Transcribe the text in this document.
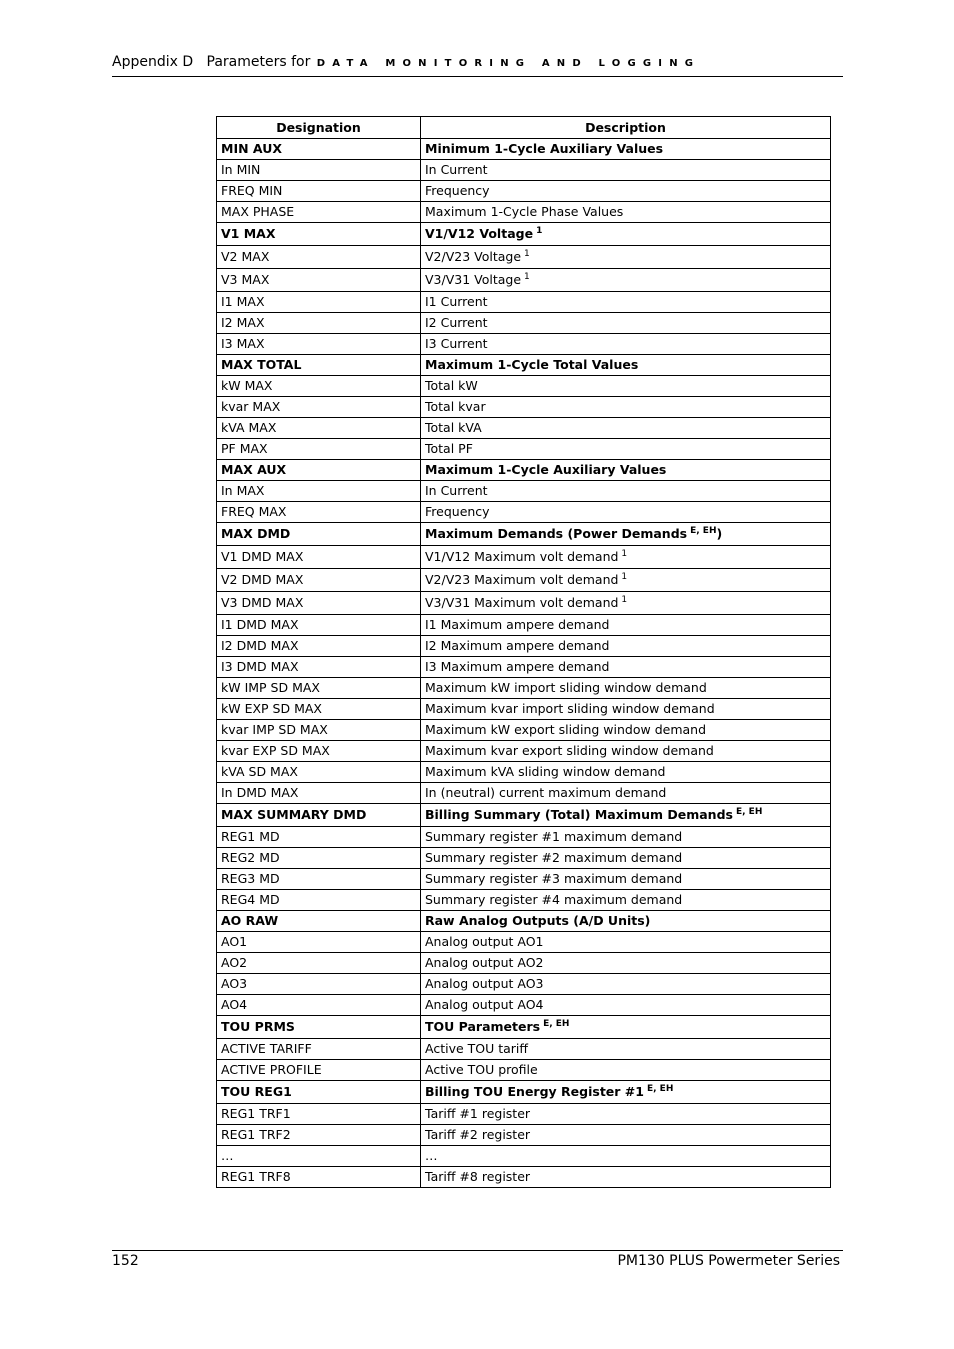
Appendix D Parameters for DATA MONITORING AND LOGGING
Designation	Description
MIN AUX	Minimum 1-Cycle Auxiliary Values
In MIN	In Current
FREQ MIN	Frequency
MAX PHASE	Maximum 1-Cycle Phase Values
V1 MAX	V1/V12 Voltage $^1$
V2 MAX	V2/V23 Voltage $^1$
V3 MAX	V3/V31 Voltage $^1$
I1 MAX	I1 Current
I2 MAX	I2 Current
I3 MAX	I3 Current
MAX TOTAL	Maximum 1-Cycle Total Values
kW MAX	Total kW
kvar MAX	Total kvar
kVA MAX	Total kVA
PF MAX	Total PF
MAX AUX	Maximum 1-Cycle Auxiliary Values
In MAX	In Current
FREQ MAX	Frequency
MAX DMD	Maximum Demands (Power Demands $^{E, EH}$)
V1 DMD MAX	V1/V12 Maximum volt demand $^1$
V2 DMD MAX	V2/V23 Maximum volt demand $^1$
V3 DMD MAX	V3/V31 Maximum volt demand $^1$
I1 DMD MAX	I1 Maximum ampere demand
I2 DMD MAX	I2 Maximum ampere demand
I3 DMD MAX	I3 Maximum ampere demand
kW IMP SD MAX	Maximum kW import sliding window demand
kW EXP SD MAX	Maximum kvar import sliding window demand
kvar IMP SD MAX	Maximum kW export sliding window demand
kvar EXP SD MAX	Maximum kvar export sliding window demand
kVA SD MAX	Maximum kVA sliding window demand
In DMD MAX	In (neutral) current maximum demand
MAX SUMMARY DMD	Billing Summary (Total) Maximum Demands $^{E, EH}$
REG1 MD	Summary register #1 maximum demand
REG2 MD	Summary register #2 maximum demand
REG3 MD	Summary register #3 maximum demand
REG4 MD	Summary register #4 maximum demand
AO RAW	Raw Analog Outputs (A/D Units)
AO1	Analog output AO1
AO2	Analog output AO2
AO3	Analog output AO3
AO4	Analog output AO4
TOU PRMS	TOU Parameters $^{E, EH}$
ACTIVE TARIFF	Active TOU tariff
ACTIVE PROFILE	Active TOU profile
TOU REG1	Billing TOU Energy Register #1 $^{E, EH}$
REG1 TRF1	Tariff #1 register
REG1 TRF2	Tariff #2 register
…	…
REG1 TRF8	Tariff #8 register
152	PM130 PLUS Powermeter Series
